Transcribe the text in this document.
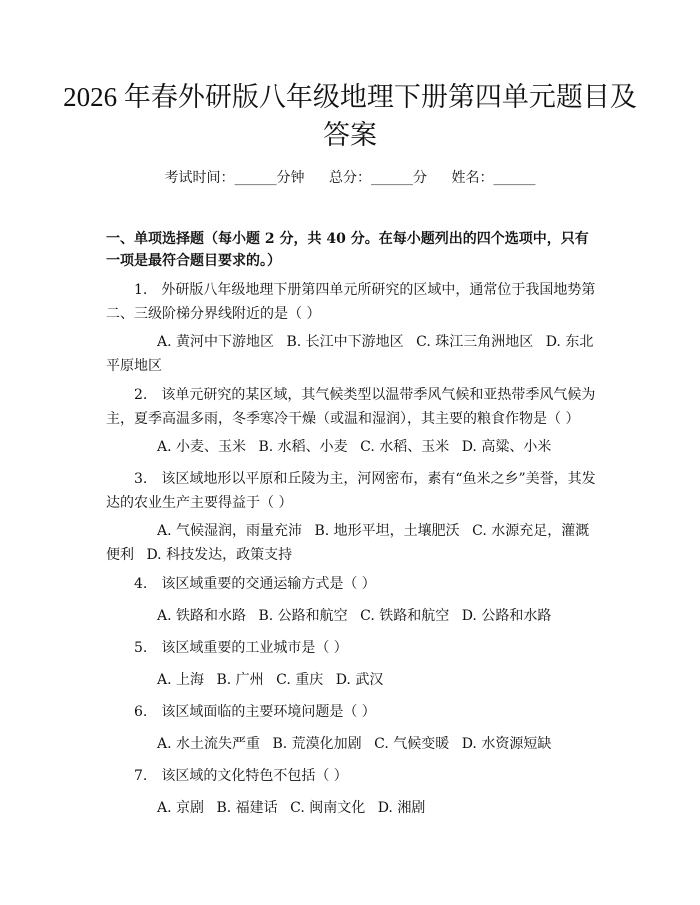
2026 年春外研版八年级地理下册第四单元题目及答案
考试时间：______分钟 总分：______分 姓名：______
一、单项选择题（每小题 2 分，共 40 分。在每小题列出的四个选项中，只有一项是最符合题目要求的。）
1. 外研版八年级地理下册第四单元所研究的区域中，通常位于我国地势第二、三级阶梯分界线附近的是（ ）
A. 黄河中下游地区 B. 长江中下游地区 C. 珠江三角洲地区 D. 东北平原地区
2. 该单元研究的某区域，其气候类型以温带季风气候和亚热带季风气候为主，夏季高温多雨，冬季寒冷干燥（或温和湿润），其主要的粮食作物是（ ）
A. 小麦、玉米 B. 水稻、小麦 C. 水稻、玉米 D. 高粱、小米
3. 该区域地形以平原和丘陵为主，河网密布，素有“鱼米之乡”美誉，其发达的农业生产主要得益于（ ）
A. 气候湿润，雨量充沛 B. 地形平坦，土壤肥沃 C. 水源充足，灌溉便利 D. 科技发达，政策支持
4. 该区域重要的交通运输方式是（ ）
A. 铁路和水路 B. 公路和航空 C. 铁路和航空 D. 公路和水路
5. 该区域重要的工业城市是（ ）
A. 上海 B. 广州 C. 重庆 D. 武汉
6. 该区域面临的主要环境问题是（ ）
A. 水土流失严重 B. 荒漠化加剧 C. 气候变暖 D. 水资源短缺
7. 该区域的文化特色不包括（ ）
A. 京剧 B. 福建话 C. 闽南文化 D. 湘剧
